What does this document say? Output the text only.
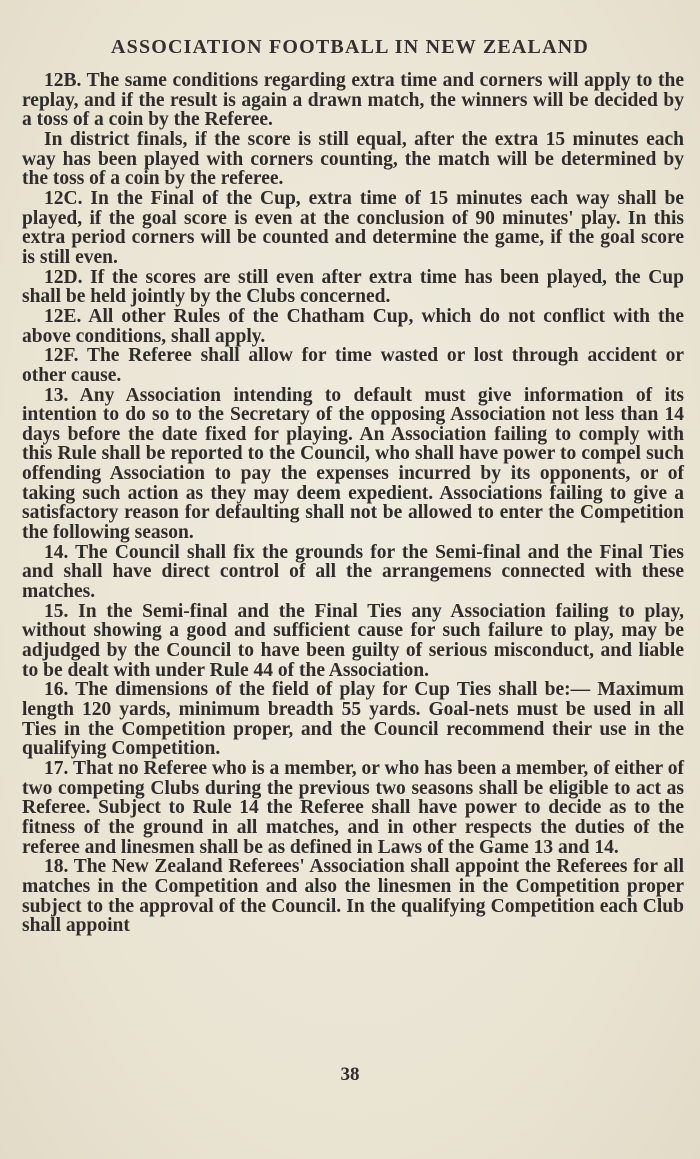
ASSOCIATION FOOTBALL IN NEW ZEALAND

12B. The same conditions regarding extra time and corners will apply to the replay, and if the result is again a drawn match, the winners will be decided by a toss of a coin by the Referee.

In district finals, if the score is still equal, after the extra 15 minutes each way has been played with corners counting, the match will be determined by the toss of a coin by the referee.

12C. In the Final of the Cup, extra time of 15 minutes each way shall be played, if the goal score is even at the conclusion of 90 minutes' play. In this extra period corners will be counted and determine the game, if the goal score is still even.

12D. If the scores are still even after extra time has been played, the Cup shall be held jointly by the Clubs concerned.

12E. All other Rules of the Chatham Cup, which do not conflict with the above conditions, shall apply.

12F. The Referee shall allow for time wasted or lost through accident or other cause.

13. Any Association intending to default must give information of its intention to do so to the Secretary of the opposing Association not less than 14 days before the date fixed for playing. An Association failing to comply with this Rule shall be reported to the Council, who shall have power to compel such offending Association to pay the expenses incurred by its opponents, or of taking such action as they may deem expedient. Associations failing to give a satisfactory reason for defaulting shall not be allowed to enter the Competition the following season.

14. The Council shall fix the grounds for the Semi-final and the Final Ties and shall have direct control of all the arrangemens connected with these matches.

15. In the Semi-final and the Final Ties any Association failing to play, without showing a good and sufficient cause for such failure to play, may be adjudged by the Council to have been guilty of serious misconduct, and liable to be dealt with under Rule 44 of the Association.

16. The dimensions of the field of play for Cup Ties shall be:— Maximum length 120 yards, minimum breadth 55 yards. Goal-nets must be used in all Ties in the Competition proper, and the Council recommend their use in the qualifying Competition.

17. That no Referee who is a member, or who has been a member, of either of two competing Clubs during the previous two seasons shall be eligible to act as Referee. Subject to Rule 14 the Referee shall have power to decide as to the fitness of the ground in all matches, and in other respects the duties of the referee and linesmen shall be as defined in Laws of the Game 13 and 14.

18. The New Zealand Referees' Association shall appoint the Referees for all matches in the Competition and also the linesmen in the Competition proper subject to the approval of the Council. In the qualifying Competition each Club shall appoint

38
